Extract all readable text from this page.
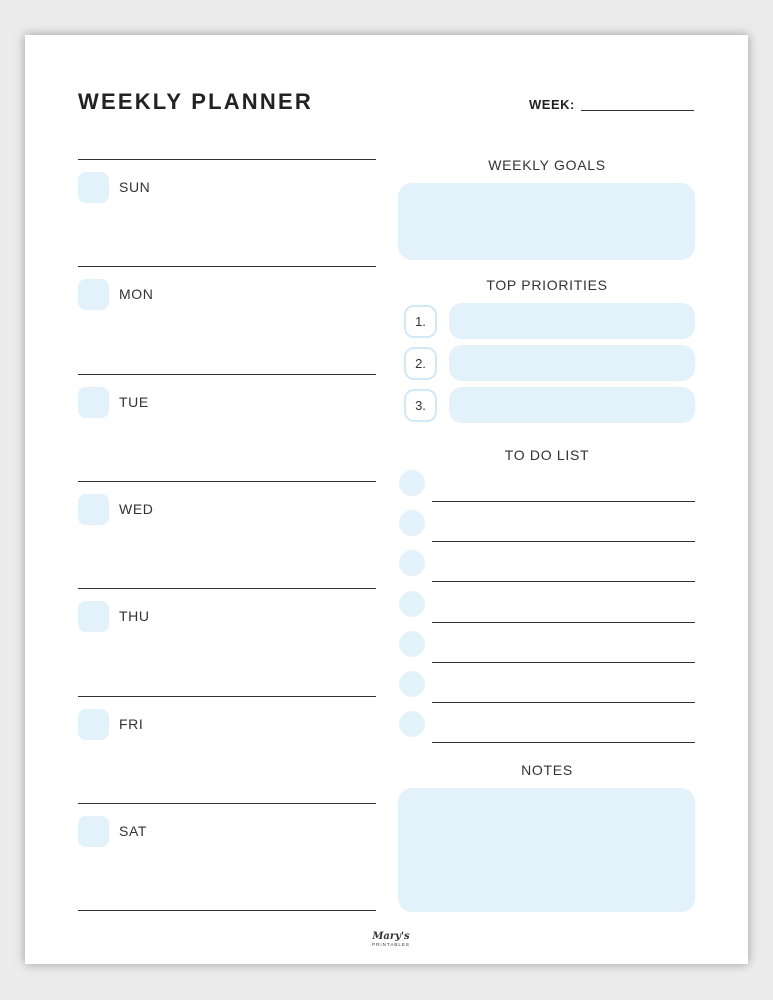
WEEKLY PLANNER	WEEK:
SUN
MON
TUE
WED
THU
FRI
SAT
WEEKLY GOALS
TOP PRIORITIES
1.
2.
3.
TO DO LIST
NOTES
Mary's
PRINTABLES
